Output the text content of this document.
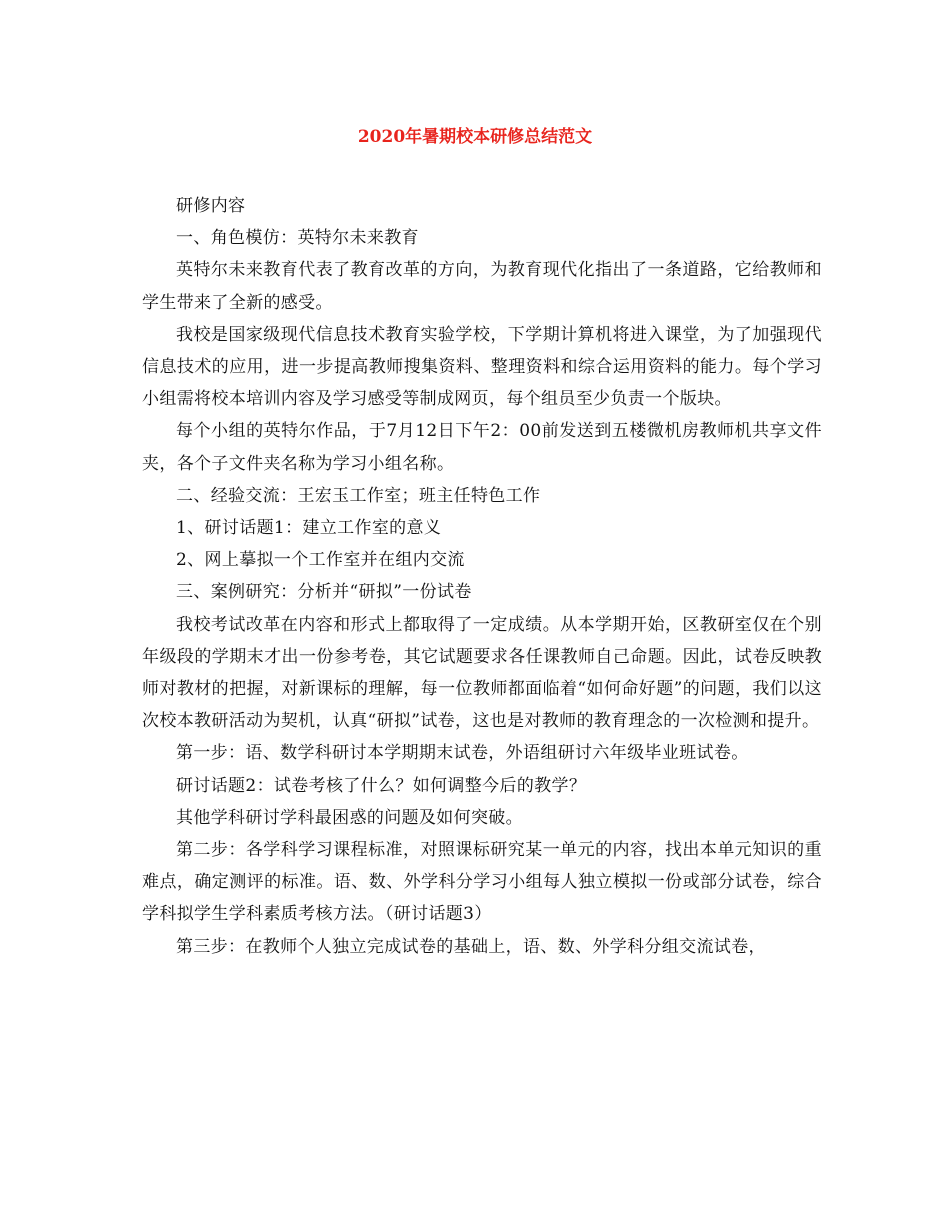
2020年暑期校本研修总结范文

研修内容

一、角色模仿：英特尔未来教育

英特尔未来教育代表了教育改革的方向，为教育现代化指出了一条道路，它给教师和学生带来了全新的感受。

我校是国家级现代信息技术教育实验学校，下学期计算机将进入课堂，为了加强现代信息技术的应用，进一步提高教师搜集资料、整理资料和综合运用资料的能力。每个学习小组需将校本培训内容及学习感受等制成网页，每个组员至少负责一个版块。

每个小组的英特尔作品，于7月12日下午2：00前发送到五楼微机房教师机共享文件夹，各个子文件夹名称为学习小组名称。

二、经验交流：王宏玉工作室；班主任特色工作

1、研讨话题1：建立工作室的意义

2、网上摹拟一个工作室并在组内交流

三、案例研究：分析并“研拟”一份试卷

我校考试改革在内容和形式上都取得了一定成绩。从本学期开始，区教研室仅在个别年级段的学期末才出一份参考卷，其它试题要求各任课教师自己命题。因此，试卷反映教师对教材的把握，对新课标的理解，每一位教师都面临着“如何命好题”的问题，我们以这次校本教研活动为契机，认真“研拟”试卷，这也是对教师的教育理念的一次检测和提升。

第一步：语、数学科研讨本学期期末试卷，外语组研讨六年级毕业班试卷。

研讨话题2：试卷考核了什么？如何调整今后的教学？

其他学科研讨学科最困惑的问题及如何突破。

第二步：各学科学习课程标准，对照课标研究某一单元的内容，找出本单元知识的重难点，确定测评的标准。语、数、外学科分学习小组每人独立模拟一份或部分试卷，综合学科拟学生学科素质考核方法。（研讨话题3）

第三步：在教师个人独立完成试卷的基础上，语、数、外学科分组交流试卷，
